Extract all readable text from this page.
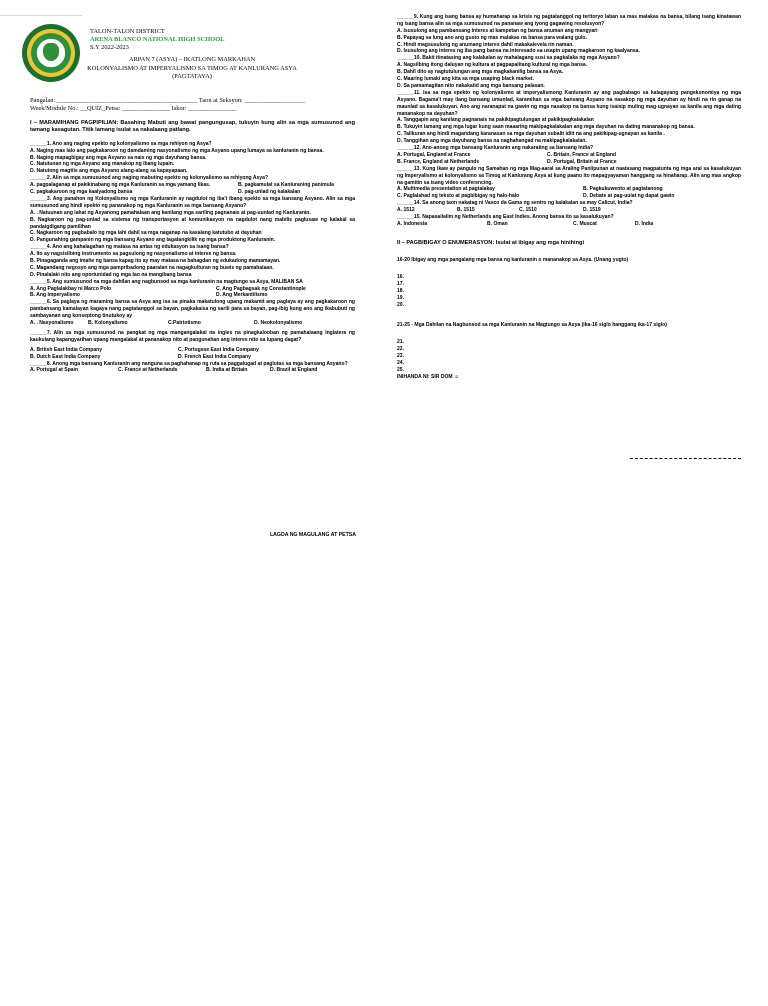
TALON-TALON DISTRICT
ARENA BLANCO NATIONAL HIGH SCHOOL
S.Y 2022-2023
ARPAN 7 (ASYA) – IKATLONG MARKAHAN
KOLONYALISMO AT IMPERYALISMO SA TIMOG AT KANLURANG ASYA
(PAGTATAYA)
Pangalan: ____________________________________________ Taon at Seksyon: ___________________
Week/Module No.: __QUIZ_Petsa: _______________ Iskor: _______________
I – MARAMIHANG PAGPIPILIAN: Basahing Mabuti ang bawat pangungusap, tukuyin kung alin sa mga sumusunod ang tamang kasagutan. Titik lamang isulat sa nakalaang patlang.
______1. Ano ang naging epekto ng kolonyalismo sa mga rehiyon ng Asya?
A. Naging mas lalo ang pagkakaroon ng damdaming nasyonalismo ng mga Asyano upang lumaya sa kanluranin ng bansa.
B. Naging mapagbigay ang mga Asyano sa nais ng mga dayuhang bansa.
C. Natutunan ng mga Asyano ang manakop ng ibang lupain.
D. Natutong magtiis ang mga Asyano alang-alang sa kapayapaan.
______2. Alin sa mga sumusunod ang naging mabuting epekto ng kolonyalismo sa rehiyong Asya?
A. pagpalaganap at pakikinabang ng mga Kanluranin sa mga yamang likas.	B. pagkamulat sa Kanluraning panimula
C. pagkakaroon ng mga kaalyadong bansa	D. pag-unlad ng kalakalan
______3. Ang panahon ng Kolonyalismo ng mga Kanluranin ay nagdulot ng iba't ibang epekto sa mga bansang Asyano. Alin sa mga sumusunod ang hindi epekto ng pananakop ng mga Kanluranin sa mga bansang Asyano?
A. . Natuunan ang lahat ng Asyanong pamahalaan ang kanilang mga sariling pagnanais at pag-uunlad ng Kanluranin.
B. Nagkaroon ng pag-unlad sa sistema ng transportasyon at komunikasyon na nagdulot nang mabilis paglusaw ng kalakal sa pandaigdigang pamilihan
C. Nagkaroon ng pagbabalo ng mga lahi dahil sa mga naganap na kasalang katutubo at dayuhan
D. Pangunahing gampanin ng mga bansang Asyano ang tagatangkilik ng mga produktong Kanluranin.
______4. Ano ang kahalagahan ng matasa na antas ng edukasyon sa isang bansa?
A. Ito ay nagsisilbing instrumento sa pagsulong ng nasyonalismo at interes ng bansa.
B. Pinagaganda ang imahe ng bansa kapag ito ay may matasa na bahagdan ng edukadong mamamayan.
C. Magandang negosyo ang mga pampribadong paaralan na nagagkulturan ng buwis ng pamahalaan.
D. Pinalalaki nito ang oportunidad ng mga tao na mangibang bansa
______5. Ang sumusunod na mga dahilan ang nagbunsod sa mga kanluranin na magtungo sa Asya, MALIBAN SA
A. Ang Paglalakbay ni Marco Polo	C. Ang Pagbagsak ng Constantinople
B. Ang Imperyalismo	D. Ang Merkantilismo
______6. Sa paglaya ng maraming bansa sa Asya ang isa sa pinaka makatulong upang makamit ang paglaya ay ang pagkakaroon ng pambansang kamalayan kagaya nang pagtatanggol sa bayan, pagkakaisa ng sarili para sa bayan, pag-ibig kung ano ang ikabubuti ng sambayanan ang konseptong tinutukoy ay
A. . Nasyonalismo	B. Kolonyalismo	C.Patriotismo	D. Neokolonyalismo
______7. Alin sa mga sumusunod na pangkat ng mga mangangalakal na ingles na pinagkalooban ng pamahalaang Inglatera ng kaukulang kapangyarihan upang mangalakal at pananakop nito at pangunahan ang interes nito sa lupang dagat?
A. British East India Company	C. Portugese East India Company
B. Dutch East India Company	D. French East India Company
______8. Anong mga bansang Kanluranin ang nanguna sa paghahanap ng ruta sa paggalugad at paglutas sa mga bansang Asyano?
A. Portugal at Spain	C. France at Netherlands	B. India at Britain	D. Brazil at England
LAGDA NG MAGULANG AT PETSA
______9. Kung ang isang bansa ay humaharap sa krisis ng pagtatanggol ng teritoryo laban sa mas malakas na bansa, bilang isang kinatawan ng isang bansa alin sa mga sumusunod na pananaw ang iyong gagawing resolusyon?
A. Isusulong ang pambansang interes at kampetan ng bansa anuman ang mangyari
B. Papayag sa lung ano ang gusto ng mas malakas na bansa para walang gulo.
C. Hindi magsusulong ng anumang interes dahil makakalevela rin naman.
D. Isusulong ang interes ng iba pang bansa na interesado sa usapin upang magkaroon ng kaalyansa.
______10. Bakit itinatasing ang kalakalan ay mahalagang susi sa pagkalaka ng mga Asyano?
A. Nagsilbing itong daluyan ng kultura at pagpapalitang kultural ng mga bansa.
B. Dahil dito ay nagtutulungan ang mga magkakanilig bansa sa Asya.
C. Maaring lumaki ang kita sa mga usaping black market.
D. Sa pamamagitan nito nakakatid ang mga bansang palasan.
______11. Isa sa mga epekto ng kolonyalismo at imperyalismong Kanluranin ay ang pagbabago sa kalagayang pangekonomiya ng mga Asyano. Bagama't may ilang bansang umunlad, karamihan sa mga bansang Asyano na nasakop ng mga dayuhan ay hindi na rin ganap na maunlad sa kasalukuyan. Ano ang naranapat na gawin ng mga nasakop na bansa kung isaisip muling mag-ugnayan sa kanila ang mga dating mananakop na dayuhan?
A. Tanggapin ang kanilang pagnanais na pakikipagtulungan at pakikipagkalakalan
B. Tukuyin lamang ang mga lugar kung saan maaaring makipagkalakalan ang mga dayuhan na dating mananakop ng bansa.
C. Talikuran ang hindi magandang karanasan sa mga dayuhan subalit idiit na ang pakikipag-ugnayan sa kanila .
D. Tanggihan ang mga dayuhang bansa na naghahangad na makipagkalakalan.
______12. Ano-anong mga bansang Kanluranin ang nakarating sa bansang India?
A. Portugal, England at France	C. Britain, France at England
B. France, England at Netherlands	D. Portugal, Britain at France
______13. Kung ikaw ay pangulo ng Samahan ng mga Mag-aaral sa Araling Panlipunan at naatasang magpatunta ng mga aral sa kasalukuyan ng Imperyalismo at kolonyalismo sa Timog at Kanlurang Asya at kung paano ito mapagyayaman hanggang sa hinaharap. Alin ang mas angkop na gamitin sa isang video conferencing.
A. Multimedia presentation at pagtalakay	B. Pagkukuwento at pagtatanong
C. Paglalahad ng teksto at pagbibigay ng halo-halo	D. Debate at pag-uulat ng dapat gawin
______14. Sa anong taon nakatag ni Vasco da Gama ng sentro ng kalakalan sa may Calicut, India?
A. 1512	B. 1515	C. 1510	D. 1519
______15. Napasailalim ng Netherlands ang East Indies. Anong bansa ito sa kasalukuyan?
A. Indonesia	B. Oman	C. Muscat	D. India
II – PAGBIBIGAY O ENUMERASYON: Isulat at ibigay ang mga hinihingi
16-20 Ibigay ang mga pangalang mga bansa ng kanluranin o mananakop sa Asya. (Unang yugto)
16.
17.
18.
19.
20.
21-25 - Mga Dahilan na Nagbunsod sa mga Kanluranin na Magtungo sa Asya (ika-16 siglo hanggang ika-17 siglo)
21.
22.
23.
24.
25.
INIHANDA NI: SIR DOM ☺
